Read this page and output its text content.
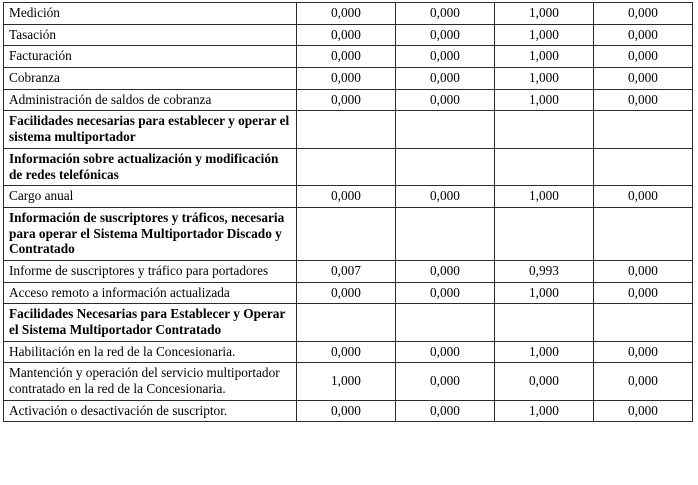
Medición	0,000	0,000	1,000	0,000
Tasación	0,000	0,000	1,000	0,000
Facturación	0,000	0,000	1,000	0,000
Cobranza	0,000	0,000	1,000	0,000
Administración de saldos de cobranza	0,000	0,000	1,000	0,000
Facilidades necesarias para establecer y operar el sistema multiportador				
Información sobre actualización y modificación de redes telefónicas				
Cargo anual	0,000	0,000	1,000	0,000
Información de suscriptores y tráficos, necesaria para operar el Sistema Multiportador Discado y Contratado				
Informe de suscriptores y tráfico para portadores	0,007	0,000	0,993	0,000
Acceso remoto a información actualizada	0,000	0,000	1,000	0,000
Facilidades Necesarias para Establecer y Operar el Sistema Multiportador Contratado				
Habilitación en la red de la Concesionaria.	0,000	0,000	1,000	0,000
Mantención y operación del servicio multiportador contratado en la red de la Concesionaria.	1,000	0,000	0,000	0,000
Activación o desactivación de suscriptor.	0,000	0,000	1,000	0,000
